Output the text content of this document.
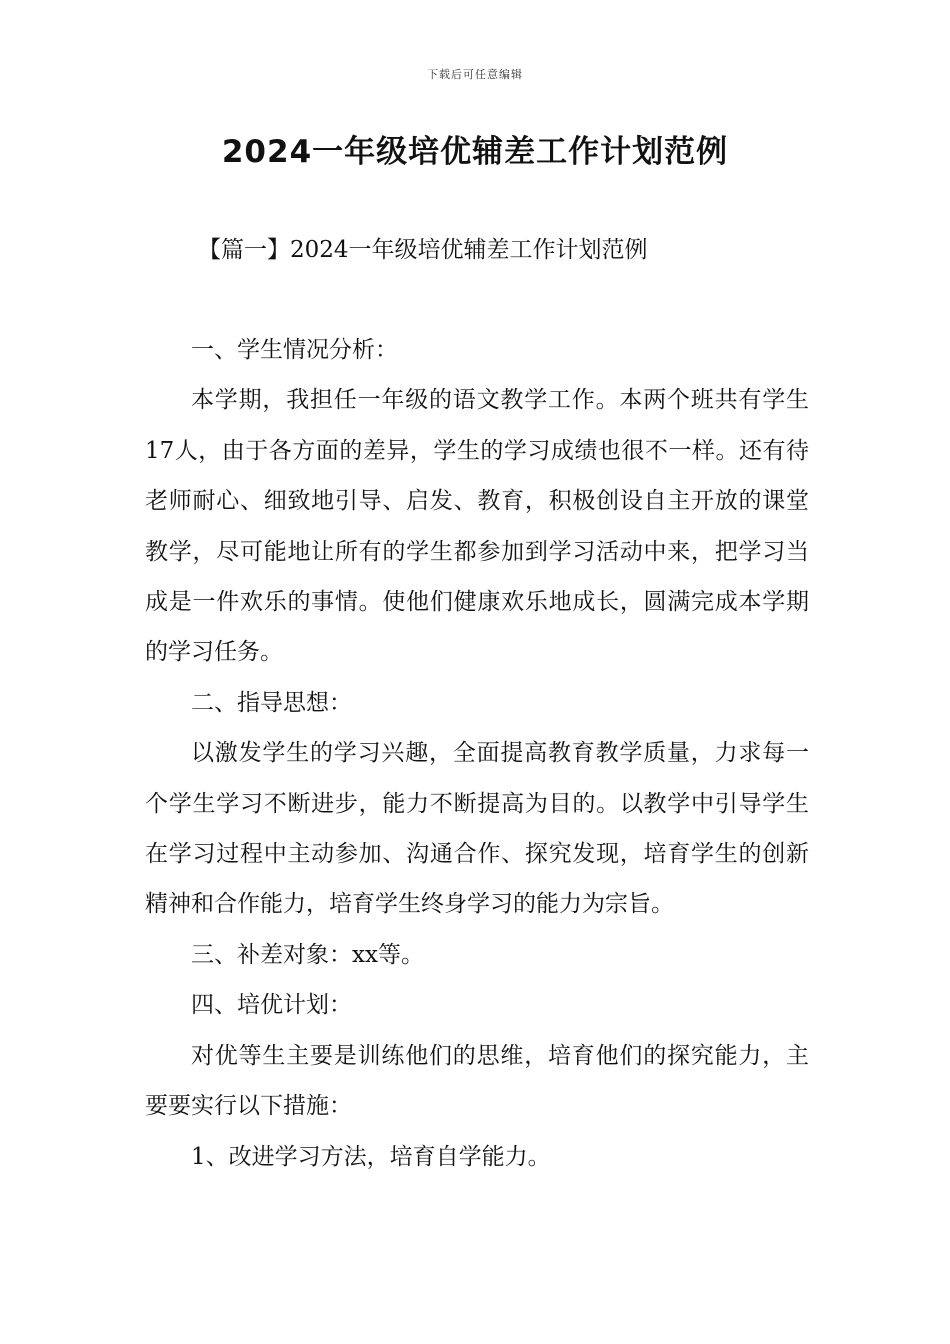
下载后可任意编辑
2024一年级培优辅差工作计划范例
【篇一】2024一年级培优辅差工作计划范例

一、学生情况分析：

本学期，我担任一年级的语文教学工作。本两个班共有学生17人，由于各方面的差异，学生的学习成绩也很不一样。还有待老师耐心、细致地引导、启发、教育，积极创设自主开放的课堂教学，尽可能地让所有的学生都参加到学习活动中来，把学习当成是一件欢乐的事情。使他们健康欢乐地成长，圆满完成本学期的学习任务。

二、指导思想：

以激发学生的学习兴趣，全面提高教育教学质量，力求每一个学生学习不断进步，能力不断提高为目的。以教学中引导学生在学习过程中主动参加、沟通合作、探究发现，培育学生的创新精神和合作能力，培育学生终身学习的能力为宗旨。

三、补差对象：xx等。

四、培优计划：

对优等生主要是训练他们的思维，培育他们的探究能力，主要要实行以下措施：

1、改进学习方法，培育自学能力。
